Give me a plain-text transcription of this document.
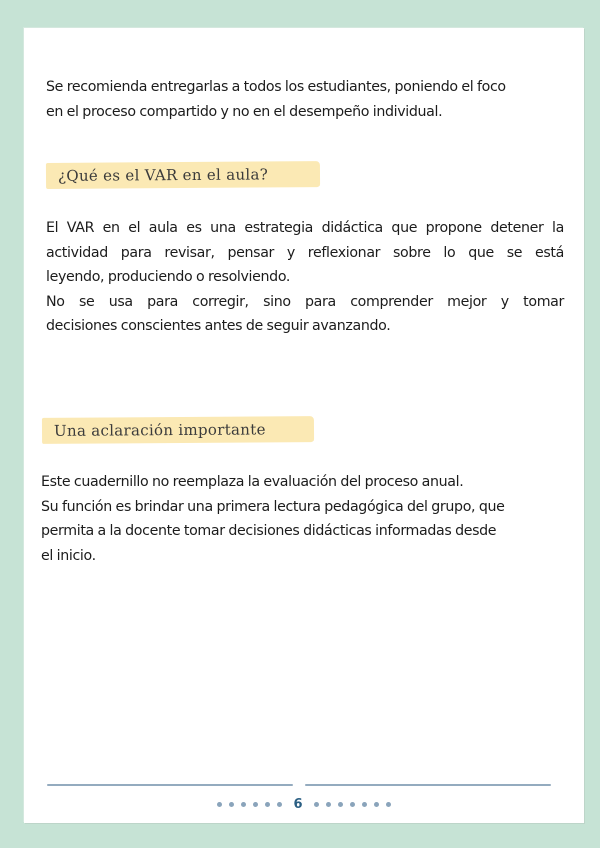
Se recomienda entregarlas a todos los estudiantes, poniendo el foco
en el proceso compartido y no en el desempeño individual.
¿Qué es el VAR en el aula?
El VAR en el aula es una estrategia didáctica que propone detener la
actividad para revisar, pensar y reflexionar sobre lo que se está
leyendo, produciendo o resolviendo.
No se usa para corregir, sino para comprender mejor y tomar
decisiones conscientes antes de seguir avanzando.
Una aclaración importante
Este cuadernillo no reemplaza la evaluación del proceso anual.
Su función es brindar una primera lectura pedagógica del grupo, que
permita a la docente tomar decisiones didácticas informadas desde
el inicio.
6
